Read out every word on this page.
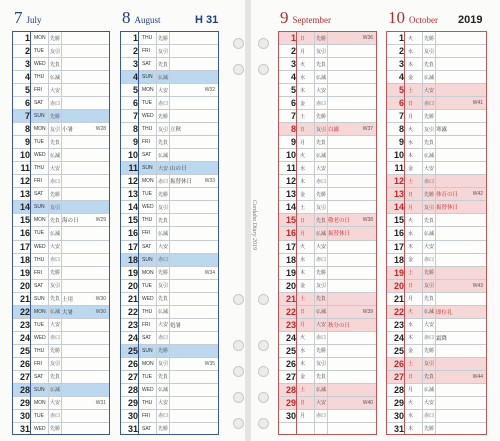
Cordaba Diary 2019
7 July
1 MON 先勝
2 TUE	友引
3 WED 先負
4 THU	仏滅
5 FRI	大安
6 SAT	赤口
7 SUN	先勝
8 MON 友引 小暑	W28
9 TUE	先負
10 WED 仏滅
11 THU	大安
12 FRI	赤口
13 SAT	先勝
14 SUN	友引
15 MON 先負 海の日	W29
16 TUE	仏滅
17 WED 大安
18 THU	赤口
19 FRI	先勝
20 SAT	友引
21 SUN	先負 土用	W30
22 MON 仏滅 大暑	W30
23 TUE	大安
24 WED 赤口
25 THU	先勝
26 FRI	友引
27 SAT	先負
28 SUN	仏滅
29 MON 大安	W31
30 TUE	赤口
31 WED 先勝
8 August
1 THU	先勝
2 FRI	友引
3 SAT	先負
4 SUN	仏滅
5 MON 大安	W32
6 TUE	赤口
7 WED 先勝
8 THU	友引 立秋
9 FRI	先負
10 SAT	仏滅
11 SUN	大安 山の日
12 MON 赤口 振替休日	W33
13 TUE	先勝
14 WED 友引
15 THU	先負
16 FRI	仏滅
17 SAT	大安
18 SUN	赤口
19 MON 先勝	W34
20 TUE	友引
21 WED 先負
22 THU	仏滅
23 FRI	大安 処暑
24 SAT	赤口
25 SUN	先勝
26 MON 友引	W35
27 TUE	先負
28 WED 仏滅
29 THU	大安
30 FRI	赤口
31 SAT	先勝
9 September
1 日	先勝	W36
2 月	友引
3 火	先負
4 水	仏滅
5 木	大安
6 金	赤口
7 土	先勝
8 日	友引 白露	W37
9 月	先負
10 火	仏滅
11 水	大安
12 木	赤口
13 金	先勝
14 土	友引
15 日	先負 敬老の日	W38
16 月	仏滅 振替休日
17 火	大安
18 水	赤口
19 木	先勝
20 金	友引
21 土	先負
22 日	仏滅	W39
23 月	大安 秋分の日
24 火	赤口
25 水	先勝
26 木	友引
27 金	先負
28 土	仏滅
29 日	大安	W40
30 月	赤口
10 October
1 火	先勝
2 水	友引
3 木	先負
4 金	仏滅
5 土	大安
6 日	赤口	W41
7 月	先勝
8 火	友引 寒露
9 水	先負
10 木	仏滅
11 金	大安
12 土	赤口
13 日	先勝 体育の日	W42
14 月	友引 振替休日
15 火	先負
16 水	仏滅
17 木	大安
18 金	赤口
19 土	先勝
20 日	友引	W43
21 月	先負
22 火	仏滅 即位礼
23 水	大安
24 木	赤口 霜降
25 金	先勝
26 土	友引
27 日	先負	W44
28 月	仏滅
29 火	大安
30 水	赤口
31 木	先勝
H 31	2019
